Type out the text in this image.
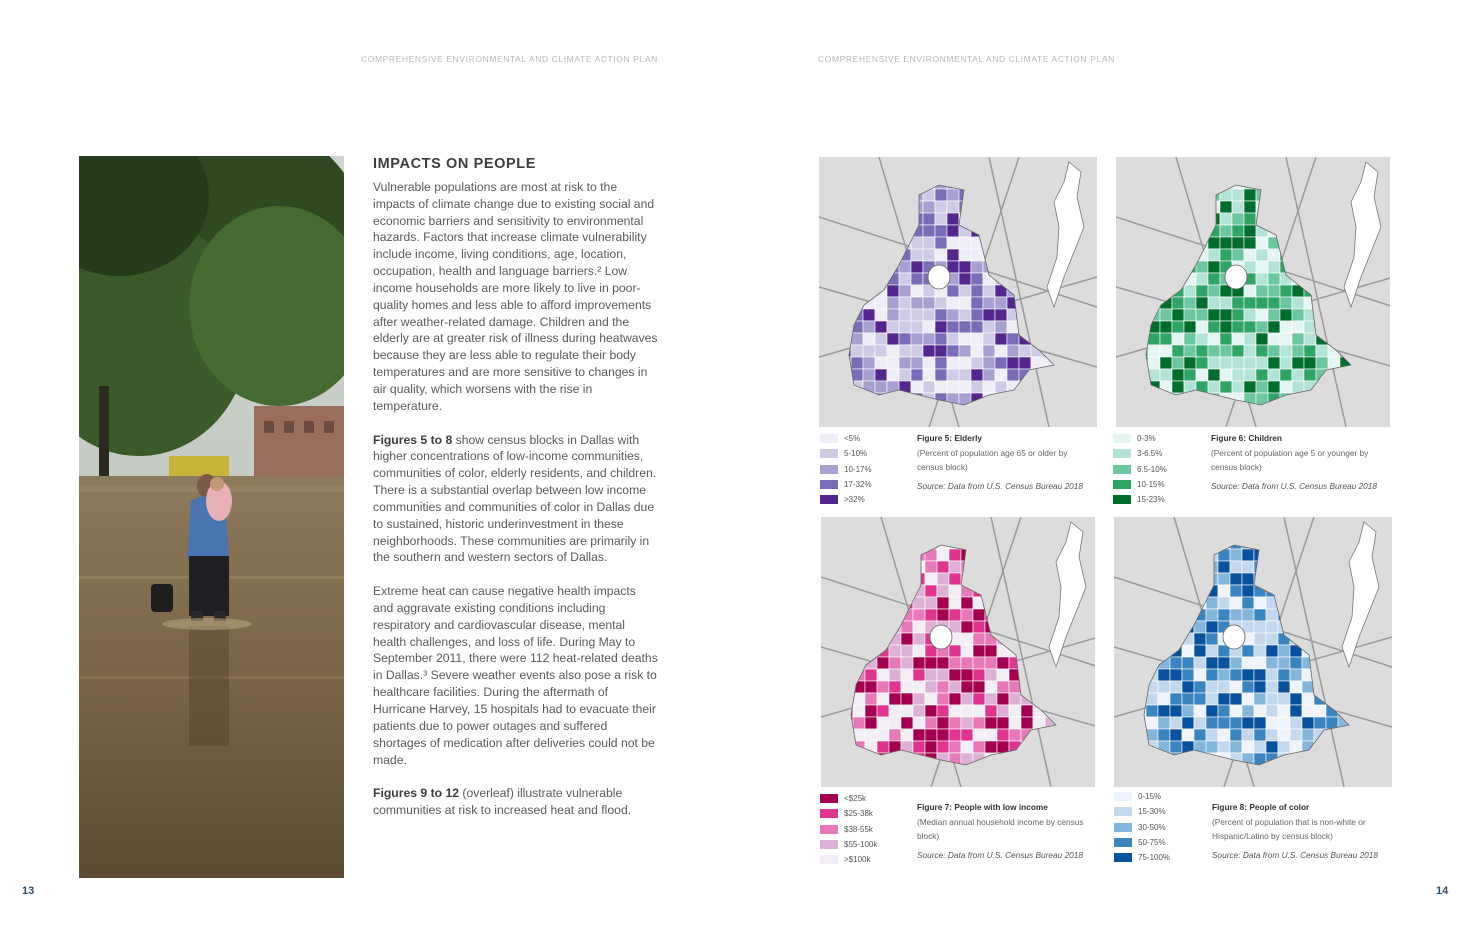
COMPREHENSIVE ENVIRONMENTAL AND CLIMATE ACTION PLAN
IMPACTS ON PEOPLE

Vulnerable populations are most at risk to the impacts of climate change due to existing social and economic barriers and sensitivity to environmental hazards. Factors that increase climate vulnerability include income, living conditions, age, location, occupation, health and language barriers.² Low income households are more likely to live in poor-quality homes and less able to afford improvements after weather-related damage. Children and the elderly are at greater risk of illness during heatwaves because they are less able to regulate their body temperatures and are more sensitive to changes in air quality, which worsens with the rise in temperature.

Figures 5 to 8 show census blocks in Dallas with higher concentrations of low-income communities, communities of color, elderly residents, and children. There is a substantial overlap between low income communities and communities of color in Dallas due to sustained, historic underinvestment in these neighborhoods. These communities are primarily in the southern and western sectors of Dallas.

Extreme heat can cause negative health impacts and aggravate existing conditions including respiratory and cardiovascular disease, mental health challenges, and loss of life. During May to September 2011, there were 112 heat-related deaths in Dallas.³ Severe weather events also pose a risk to healthcare facilities. During the aftermath of Hurricane Harvey, 15 hospitals had to evacuate their patients due to power outages and suffered shortages of medication after deliveries could not be made.

Figures 9 to 12 (overleaf) illustrate vulnerable communities at risk to increased heat and flood.

13
COMPREHENSIVE ENVIRONMENTAL AND CLIMATE ACTION PLAN
<5%
5-10%
10-17%
17-32%
>32%
Figure 5: Elderly
(Percent of population age 65 or older by census block)
Source: Data from U.S. Census Bureau 2018
0-3%
3-6.5%
6.5-10%
10-15%
15-23%
Figure 6: Children
(Percent of population age 5 or younger by census block)
Source: Data from U.S. Census Bureau 2018
<$25k
$25-38k
$38-55k
$55-100k
>$100k
Figure 7: People with low income
(Median annual household income by census block)
Source: Data from U.S. Census Bureau 2018
0-15%
15-30%
30-50%
50-75%
75-100%
Figure 8: People of color
(Percent of population that is non-white or Hispanic/Latino by census block)
Source: Data from U.S. Census Bureau 2018
14
